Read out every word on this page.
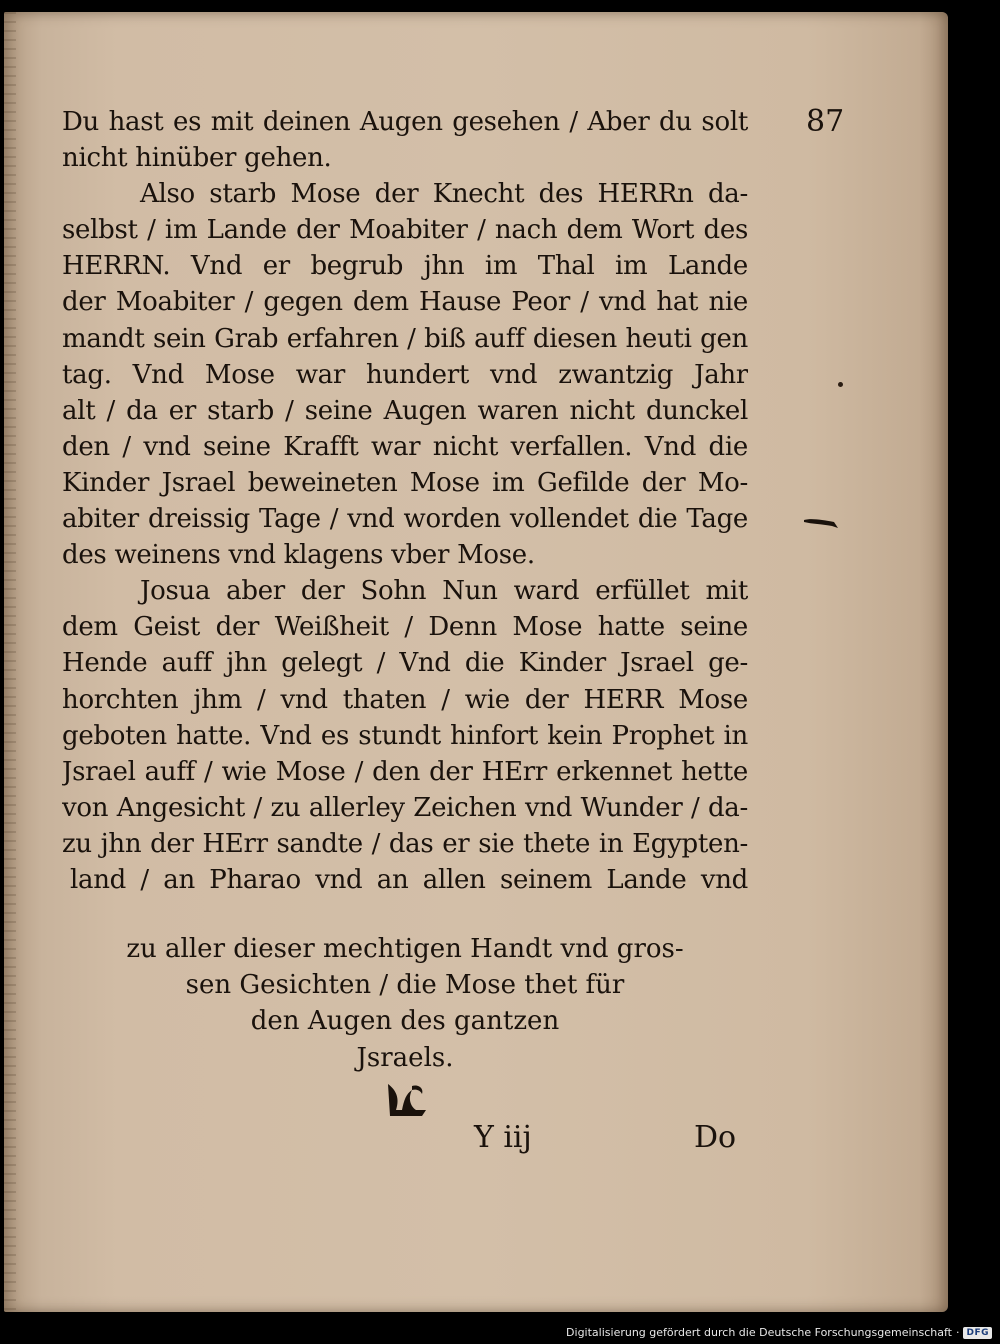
87
Du hast es mit deinen Augen gesehen / Aber du solt
nicht hinüber gehen.
Also starb Mose der Knecht des HERRn da-
selbst / im Lande der Moabiter / nach dem Wort des
HERRN. Vnd er begrub jhn im Thal im Lande
der Moabiter / gegen dem Hause Peor / vnd hat nie
mandt sein Grab erfahren / biß auff diesen heuti gen
tag. Vnd Mose war hundert vnd zwantzig Jahr
alt / da er starb / seine Augen waren nicht dunckel
den / vnd seine Krafft war nicht verfallen. Vnd die
Kinder Jsrael beweineten Mose im Gefilde der Mo-
abiter dreissig Tage / vnd worden vollendet die Tage
des weinens vnd klagens vber Mose.
Josua aber der Sohn Nun ward erfüllet mit
dem Geist der Weißheit / Denn Mose hatte seine
Hende auff jhn gelegt / Vnd die Kinder Jsrael ge-
horchten jhm / vnd thaten / wie der HERR Mose
geboten hatte. Vnd es stundt hinfort kein Prophet in
Jsrael auff / wie Mose / den der HErr erkennet hette
von Angesicht / zu allerley Zeichen vnd Wunder / da-
zu jhn der HErr sandte / das er sie thete in Egypten-
land / an Pharao vnd an allen seinem Lande vnd
zu aller dieser mechtigen Handt vnd gros-
sen Gesichten / die Mose thet für
den Augen des gantzen
Jsraels.
Y iij	Do
Digitalisierung gefördert durch die Deutsche Forschungsgemeinschaft · DFG
